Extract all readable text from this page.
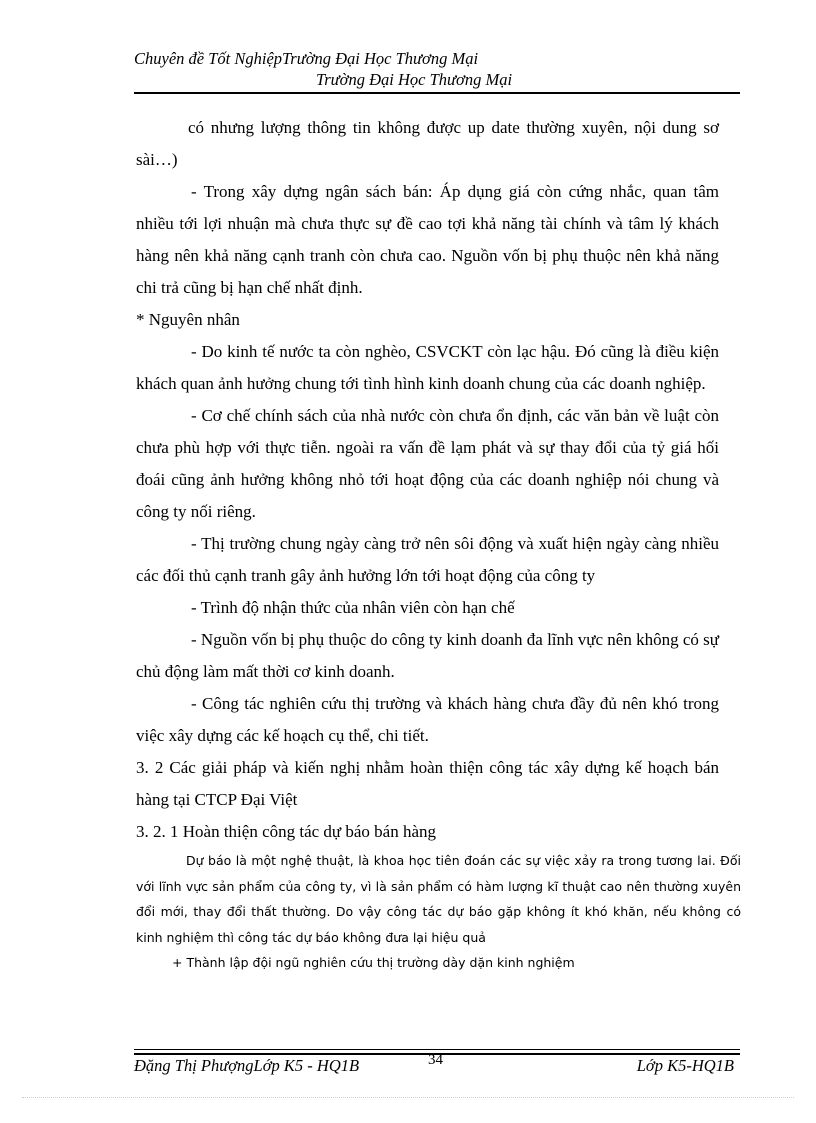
Chuyên đề Tốt NghiệpTrường Đại Học Thương Mại
Trường Đại Học Thương Mại

có nhưng lượng thông tin không được up date thường xuyên, nội dung sơ sài…)

- Trong xây dựng ngân sách bán: Áp dụng giá còn cứng nhắc, quan tâm nhiều tới lợi nhuận mà chưa thực sự đề cao tợi khả năng tài chính và tâm lý khách hàng nên khả năng cạnh tranh còn chưa cao. Nguồn vốn bị phụ thuộc nên khả năng chi trả cũng bị hạn chế nhất định.

* Nguyên nhân

- Do kinh tế nước ta còn nghèo, CSVCKT còn lạc hậu. Đó cũng là điều kiện khách quan ảnh hưởng chung tới tình hình kinh doanh chung của các doanh nghiệp.

- Cơ chế chính sách của nhà nước còn chưa ổn định, các văn bản về luật còn chưa phù hợp với thực tiễn. ngoài ra vấn đề lạm phát và sự thay đổi của tỷ giá hối đoái cũng ảnh hưởng không nhỏ tới hoạt động của các doanh nghiệp nói chung và công ty nối riêng.

- Thị trường chung ngày càng trở nên sôi động và xuất hiện ngày càng nhiều các đối thủ cạnh tranh gây ảnh hưởng lớn tới hoạt động của công ty

- Trình độ nhận thức của nhân viên còn hạn chế

- Nguồn vốn bị phụ thuộc do công ty kinh doanh đa lĩnh vực nên không có sự chủ động làm mất thời cơ kinh doanh.

- Công tác nghiên cứu thị trường và khách hàng chưa đầy đủ nên khó trong việc xây dựng các kế hoạch cụ thể, chi tiết.

3. 2 Các giải pháp và kiến nghị nhằm hoàn thiện công tác xây dựng kế hoạch bán hàng tại CTCP Đại Việt

3. 2. 1 Hoàn thiện công tác dự báo bán hàng

Dự báo là một nghệ thuật, là khoa học tiên đoán các sự việc xảy ra trong tương lai. Đối với lĩnh vực sản phẩm của công ty, vì là sản phẩm có hàm lượng kĩ thuật cao nên thường xuyên đổi mới, thay đổi thất thường. Do vậy công tác dự báo gặp không ít khó khăn, nếu không có kinh nghiệm thì công tác dự báo không đưa lại hiệu quả

+ Thành lập đội ngũ nghiên cứu thị trường dày dặn kinh nghiệm

Đặng Thị PhượngLớp K5 - HQ1B	34	Lớp K5-HQ1B
